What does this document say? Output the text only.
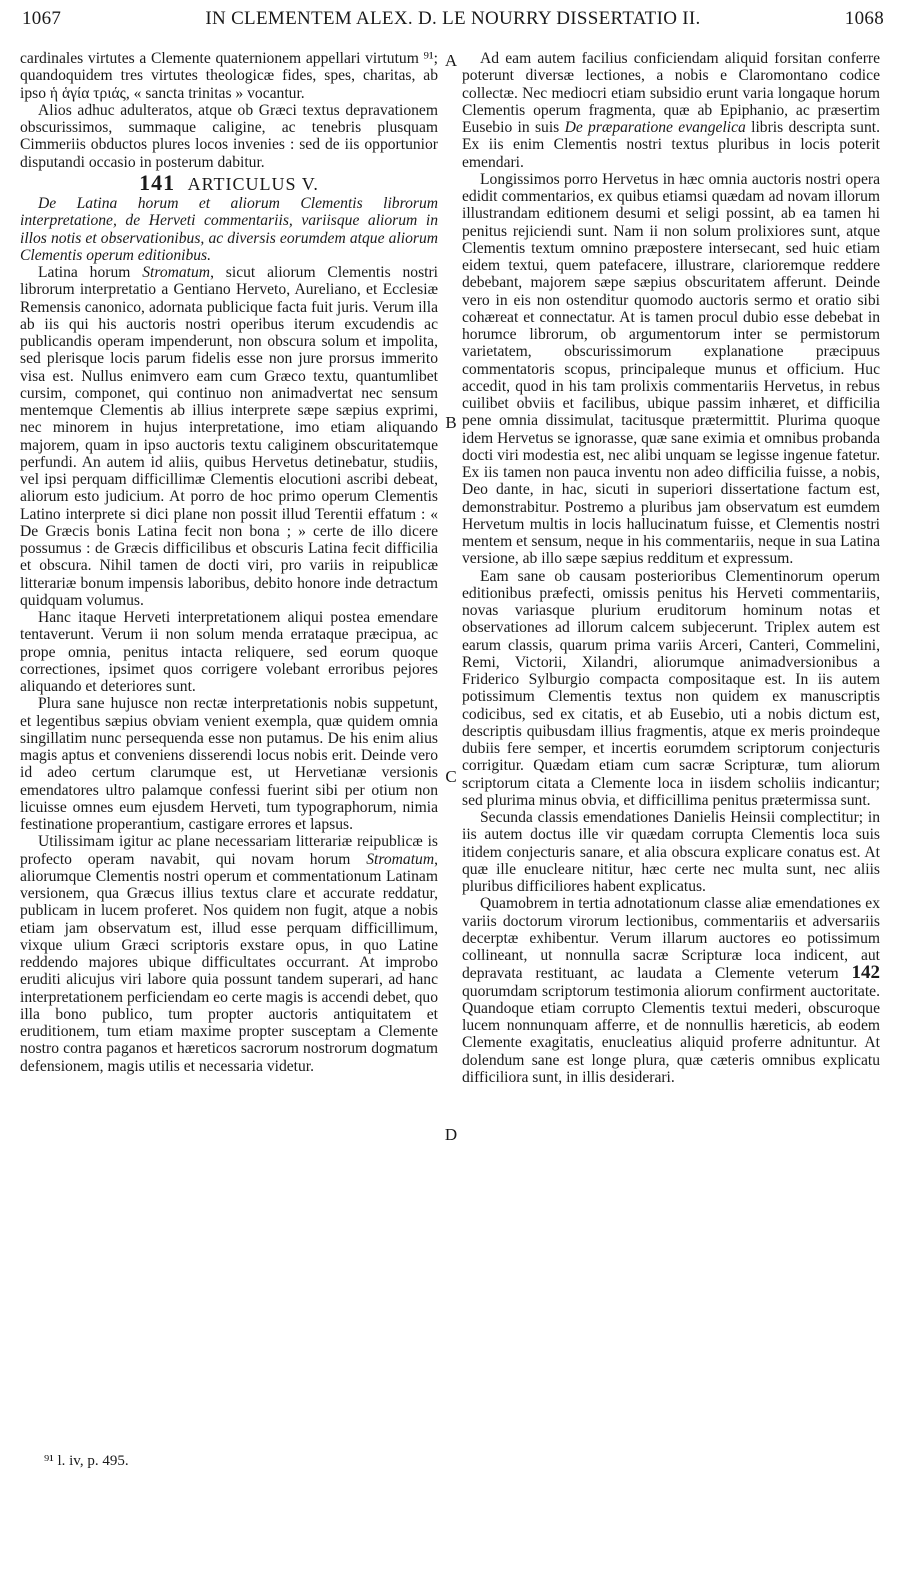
1067	IN CLEMENTEM ALEX. D. LE NOURRY DISSERTATIO II.	1068
A
B
C
D

cardinales virtutes a Clemente quaternionem appellari virtutum ⁹¹; quandoquidem tres virtutes theologicæ fides, spes, charitas, ab ipso ἡ ἁγία τριάς, « sancta trinitas » vocantur.

Alios adhuc adulteratos, atque ob Græci textus depravationem obscurissimos, summaque caligine, ac tenebris plusquam Cimmeriis obductos plures locos invenies : sed de iis opportunior disputandi occasio in posterum dabitur.

141 ARTICULUS V.

De Latina horum et aliorum Clementis librorum interpretatione, de Herveti commentariis, variisque aliorum in illos notis et observationibus, ac diversis eorumdem atque aliorum Clementis operum editionibus.

Latina horum Stromatum, sicut aliorum Clementis nostri librorum interpretatio a Gentiano Herveto, Aureliano, et Ecclesiæ Remensis canonico, adornata publicique facta fuit juris. Verum illa ab iis qui his auctoris nostri operibus iterum excudendis ac publicandis operam impenderunt, non obscura solum et impolita, sed plerisque locis parum fidelis esse non jure prorsus immerito visa est. Nullus enimvero eam cum Græco textu, quantumlibet cursim, componet, qui continuo non animadvertat nec sensum mentemque Clementis ab illius interprete sæpe sæpius exprimi, nec minorem in hujus interpretatione, imo etiam aliquando majorem, quam in ipso auctoris textu caliginem obscuritatemque perfundi. An autem id aliis, quibus Hervetus detinebatur, studiis, vel ipsi perquam difficillimæ Clementis elocutioni ascribi debeat, aliorum esto judicium. At porro de hoc primo operum Clementis Latino interprete si dici plane non possit illud Terentii effatum : « De Græcis bonis Latina fecit non bona ; » certe de illo dicere possumus : de Græcis difficilibus et obscuris Latina fecit difficilia et obscura. Nihil tamen de docti viri, pro variis in reipublicæ litterariæ bonum impensis laboribus, debito honore inde detractum quidquam volumus.

Hanc itaque Herveti interpretationem aliqui postea emendare tentaverunt. Verum ii non solum menda errataque præcipua, ac prope omnia, penitus intacta reliquere, sed eorum quoque correctiones, ipsimet quos corrigere volebant erroribus pejores aliquando et deteriores sunt.

Plura sane hujusce non rectæ interpretationis nobis suppetunt, et legentibus sæpius obviam venient exempla, quæ quidem omnia singillatim nunc persequenda esse non putamus. De his enim alius magis aptus et conveniens disserendi locus nobis erit. Deinde vero id adeo certum clarumque est, ut Hervetianæ versionis emendatores ultro palamque confessi fuerint sibi per otium non licuisse omnes eum ejusdem Herveti, tum typographorum, nimia festinatione properantium, castigare errores et lapsus.

Utilissimam igitur ac plane necessariam litterariæ reipublicæ is profecto operam navabit, qui novam horum Stromatum, aliorumque Clementis nostri operum et commentationum Latinam versionem, qua Græcus illius textus clare et accurate reddatur, publicam in lucem proferet. Nos quidem non fugit, atque a nobis etiam jam observatum est, illud esse perquam difficillimum, vixque ulium Græci scriptoris exstare opus, in quo Latine reddendo majores ubique difficultates occurrant. At improbo eruditi alicujus viri labore quia possunt tandem superari, ad hanc interpretationem perficiendam eo certe magis is accendi debet, quo illa bono publico, tum propter auctoris antiquitatem et eruditionem, tum etiam maxime propter susceptam a Clemente nostro contra paganos et hæreticos sacrorum nostrorum dogmatum defensionem, magis utilis et necessaria videtur.

⁹¹ l. iv, p. 495.

Ad eam autem facilius conficiendam aliquid forsitan conferre poterunt diversæ lectiones, a nobis e Claromontano codice collectæ. Nec mediocri etiam subsidio erunt varia longaque horum Clementis operum fragmenta, quæ ab Epiphanio, ac præsertim Eusebio in suis De præparatione evangelica libris descripta sunt. Ex iis enim Clementis nostri textus pluribus in locis poterit emendari.

Longissimos porro Hervetus in hæc omnia auctoris nostri opera edidit commentarios, ex quibus etiamsi quædam ad novam illorum illustrandam editionem desumi et seligi possint, ab ea tamen hi penitus rejiciendi sunt. Nam ii non solum prolixiores sunt, atque Clementis textum omnino præpostere intersecant, sed huic etiam eidem textui, quem patefacere, illustrare, clarioremque reddere debebant, majorem sæpe sæpius obscuritatem afferunt. Deinde vero in eis non ostenditur quomodo auctoris sermo et oratio sibi cohæreat et connectatur. At is tamen procul dubio esse debebat in horumce librorum, ob argumentorum inter se permistorum varietatem, obscurissimorum explanatione præcipuus commentatoris scopus, principaleque munus et officium. Huc accedit, quod in his tam prolixis commentariis Hervetus, in rebus cuilibet obviis et facilibus, ubique passim inhæret, et difficilia pene omnia dissimulat, tacitusque prætermittit. Plurima quoque idem Hervetus se ignorasse, quæ sane eximia et omnibus probanda docti viri modestia est, nec alibi unquam se legisse ingenue fatetur. Ex iis tamen non pauca inventu non adeo difficilia fuisse, a nobis, Deo dante, in hac, sicuti in superiori dissertatione factum est, demonstrabitur. Postremo a pluribus jam observatum est eumdem Hervetum multis in locis hallucinatum fuisse, et Clementis nostri mentem et sensum, neque in his commentariis, neque in sua Latina versione, ab illo sæpe sæpius redditum et expressum.

Eam sane ob causam posterioribus Clementinorum operum editionibus præfecti, omissis penitus his Herveti commentariis, novas variasque plurium eruditorum hominum notas et observationes ad illorum calcem subjecerunt. Triplex autem est earum classis, quarum prima variis Arceri, Canteri, Commelini, Remi, Victorii, Xilandri, aliorumque animadversionibus a Friderico Sylburgio compacta compositaque est. In iis autem potissimum Clementis textus non quidem ex manuscriptis codicibus, sed ex citatis, et ab Eusebio, uti a nobis dictum est, descriptis quibusdam illius fragmentis, atque ex meris proindeque dubiis fere semper, et incertis eorumdem scriptorum conjecturis corrigitur. Quædam etiam cum sacræ Scripturæ, tum aliorum scriptorum citata a Clemente loca in iisdem scholiis indicantur; sed plurima minus obvia, et difficillima penitus prætermissa sunt.

Secunda classis emendationes Danielis Heinsii complectitur; in iis autem doctus ille vir quædam corrupta Clementis loca suis itidem conjecturis sanare, et alia obscura explicare conatus est. At quæ ille enucleare nititur, hæc certe nec multa sunt, nec aliis pluribus difficiliores habent explicatus.

Quamobrem in tertia adnotationum classe aliæ emendationes ex variis doctorum virorum lectionibus, commentariis et adversariis decerptæ exhibentur. Verum illarum auctores eo potissimum collineant, ut nonnulla sacræ Scripturæ loca indicent, aut depravata restituant, ac laudata a Clemente veterum 142 quorumdam scriptorum testimonia aliorum confirment auctoritate. Quandoque etiam corrupto Clementis textui mederi, obscuroque lucem nonnunquam afferre, et de nonnullis hæreticis, ab eodem Clemente exagitatis, enucleatius aliquid proferre adnituntur. At dolendum sane est longe plura, quæ cæteris omnibus explicatu difficiliora sunt, in illis desiderari.
